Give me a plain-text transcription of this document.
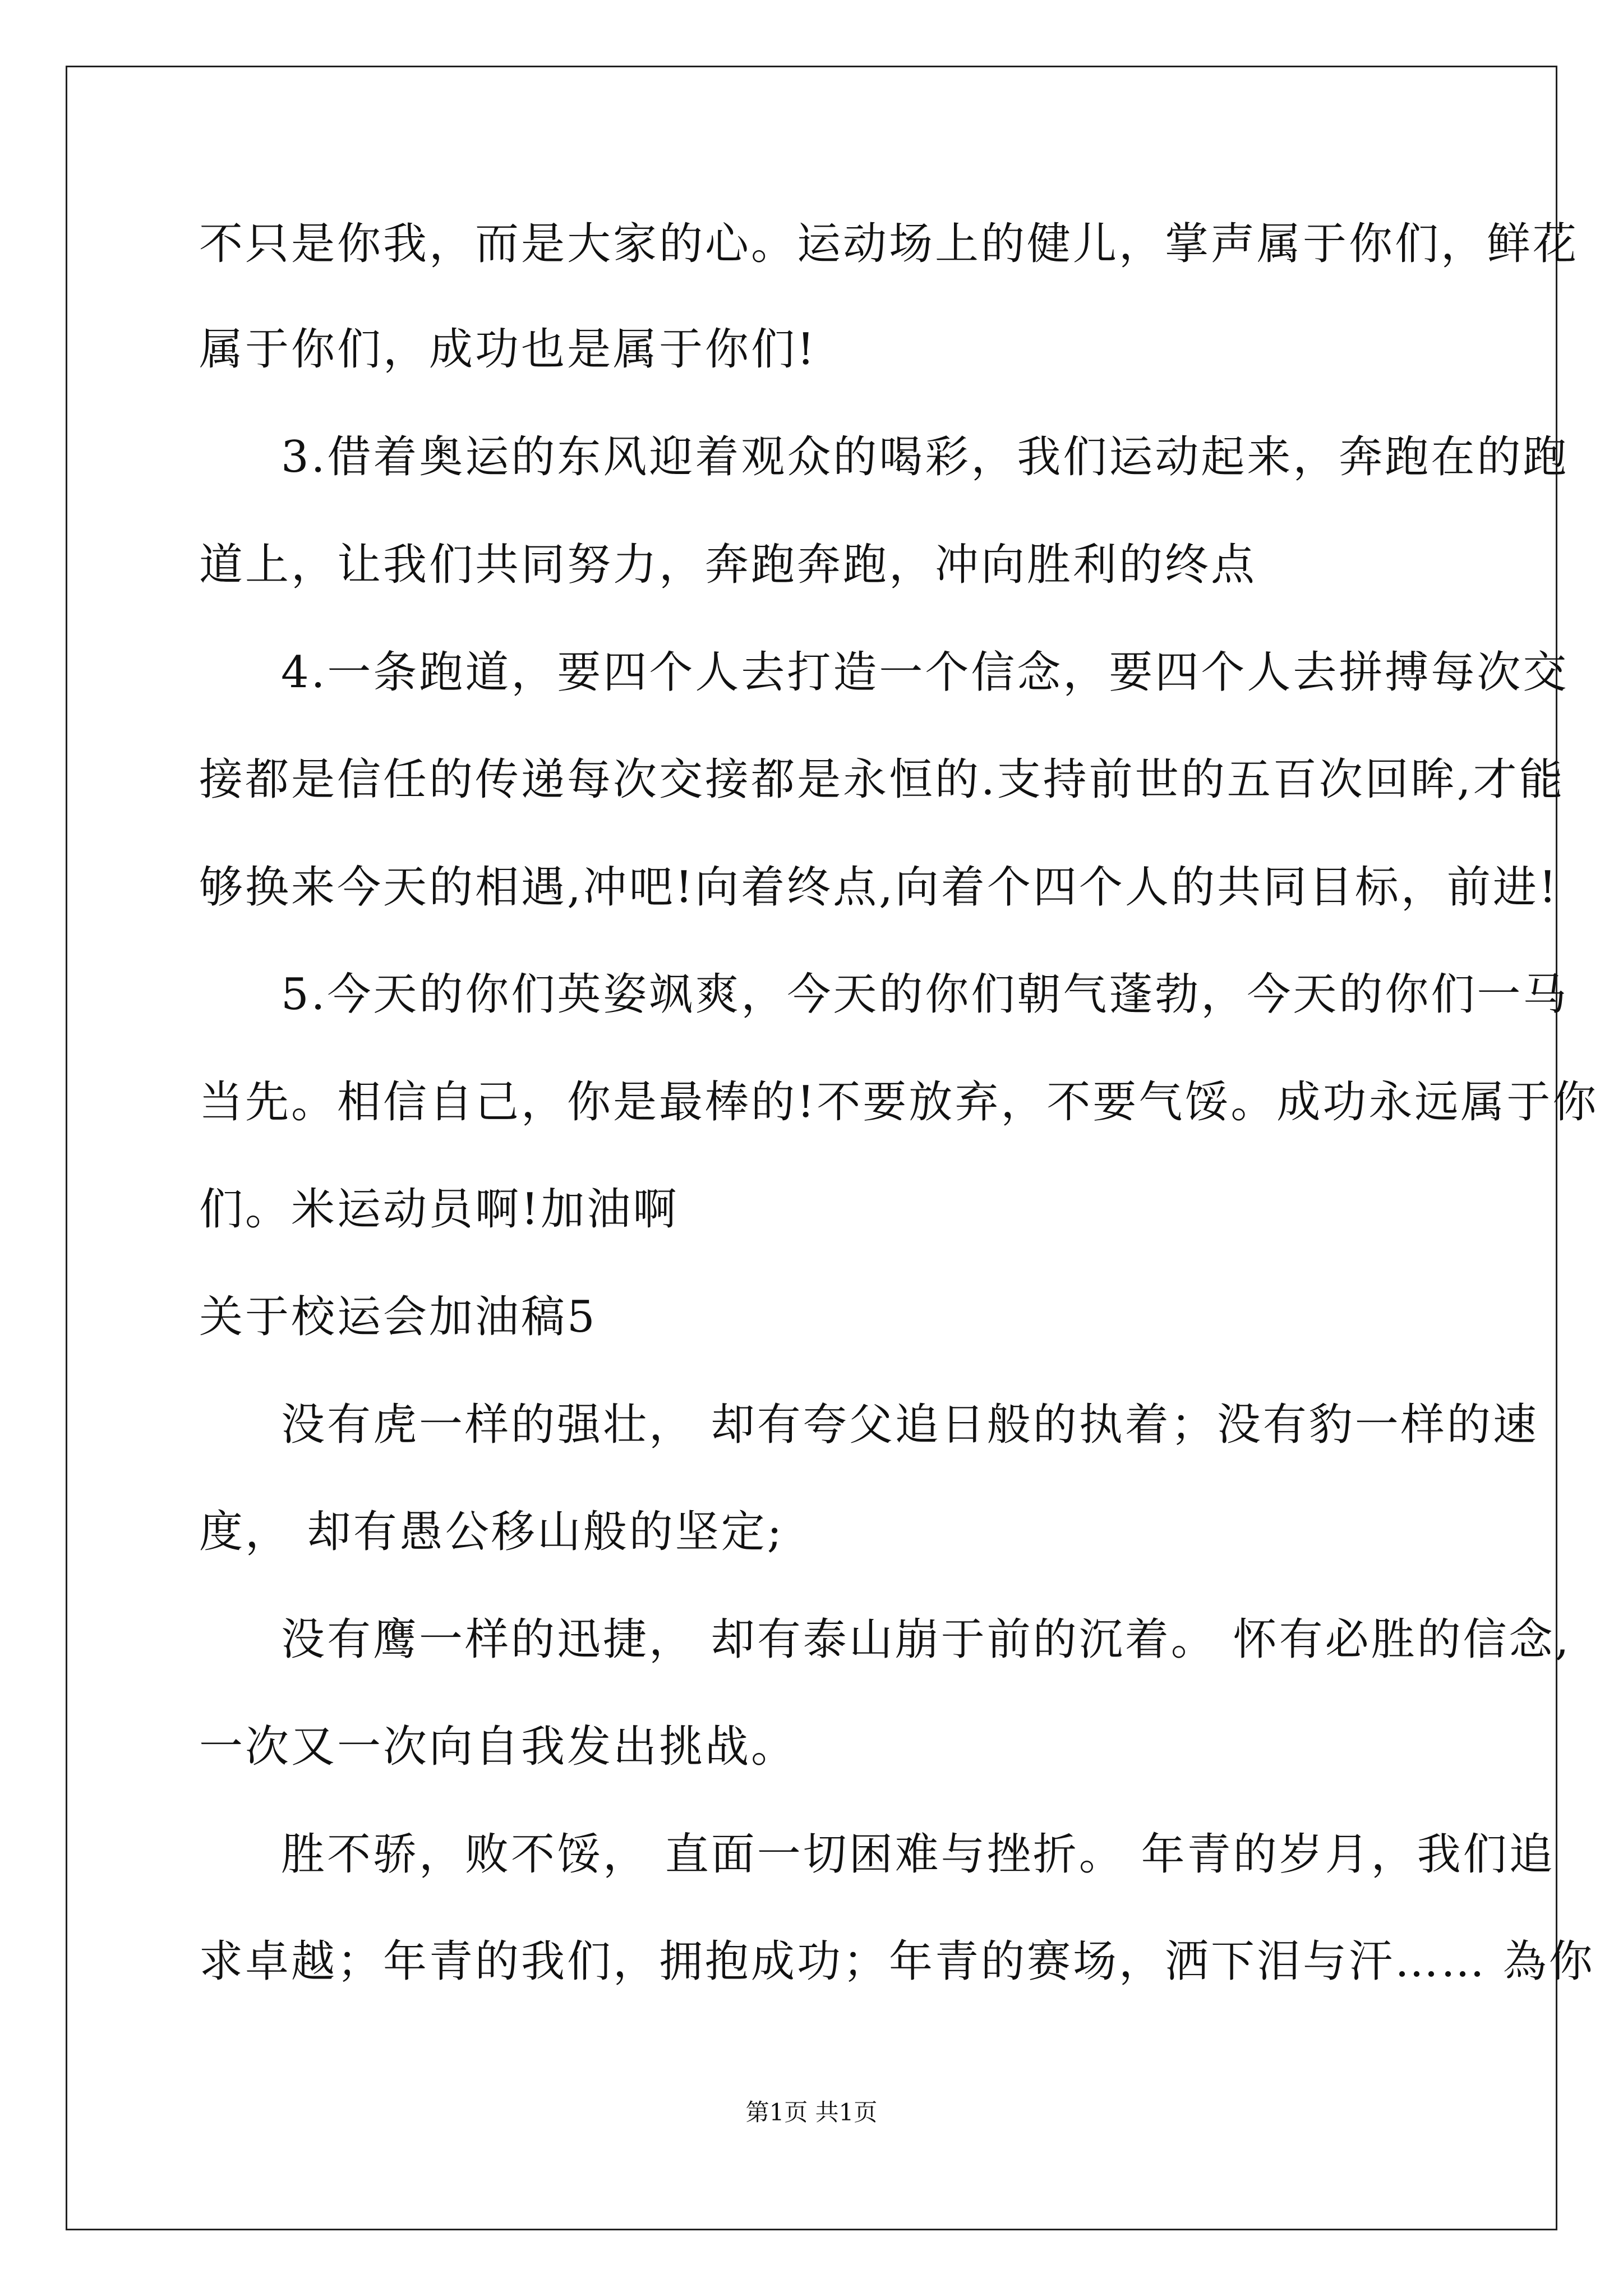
不只是你我，而是大家的心。运动场上的健儿，掌声属于你们，鲜花
属于你们，成功也是属于你们!
3.借着奥运的东风迎着观众的喝彩，我们运动起来，奔跑在的跑
道上，让我们共同努力，奔跑奔跑，冲向胜利的终点
4.一条跑道，要四个人去打造一个信念，要四个人去拼搏每次交
接都是信任的传递每次交接都是永恒的.支持前世的五百次回眸,才能
够换来今天的相遇,冲吧!向着终点,向着个四个人的共同目标，前进!
5.今天的你们英姿飒爽，今天的你们朝气蓬勃，今天的你们一马
当先。相信自己，你是最棒的!不要放弃，不要气馁。成功永远属于你
们。米运动员啊!加油啊
关于校运会加油稿5
没有虎一样的强壮， 却有夸父追日般的执着；没有豹一样的速
度， 却有愚公移山般的坚定;
没有鹰一样的迅捷， 却有泰山崩于前的沉着。 怀有必胜的信念,
一次又一次向自我发出挑战。
胜不骄，败不馁， 直面一切困难与挫折。 年青的岁月，我们追
求卓越；年青的我们，拥抱成功；年青的赛场，洒下泪与汗…… 為你
第1页 共1页
